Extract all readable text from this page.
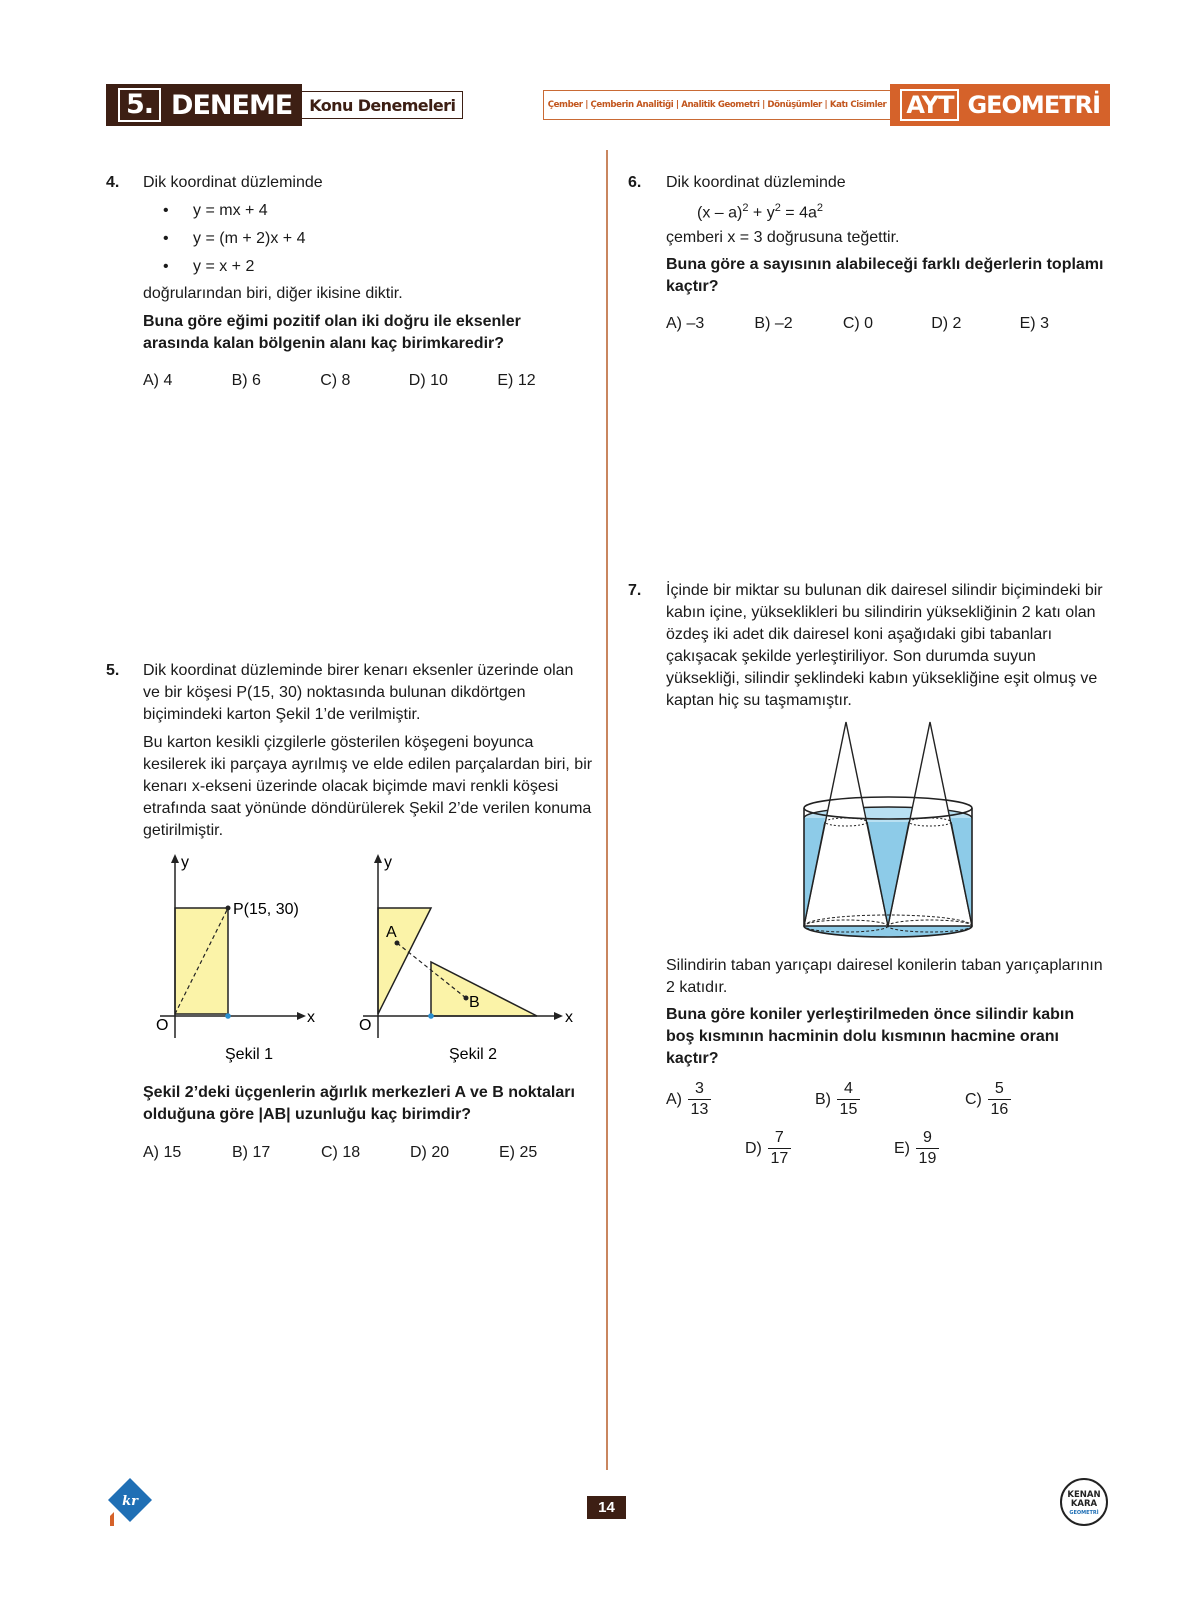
5. DENEME	Konu Denemeleri	Çember | Çemberin Analitiği | Analitik Geometri | Dönüşümler | Katı Cisimler AYT GEOMETRİ
4. Dik koordinat düzleminde

•	y = mx + 4
•	y = (m + 2)x + 4
•	y = x + 2

doğrularından biri, diğer ikisine diktir.

Buna göre eğimi pozitif olan iki doğru ile eksenler arasında kalan bölgenin alanı kaç birimkaredir?

A) 4	B) 6	C) 8	D) 10	E) 12
5. Dik koordinat düzleminde birer kenarı eksenler üzerinde olan ve bir köşesi P(15, 30) noktasında bulunan dikdörtgen biçimindeki karton Şekil 1’de verilmiştir.

Bu karton kesikli çizgilerle gösterilen köşegeni boyunca kesilerek iki parçaya ayrılmış ve elde edilen parçalardan biri, bir kenarı x-ekseni üzerinde olacak biçimde mavi renkli köşesi etrafında saat yönünde döndürülerek Şekil 2’de verilen konuma getirilmiştir.

y
x
O
P(15, 30)
Şekil 1
y
x
O
A
B
Şekil 2

Şekil 2’deki üçgenlerin ağırlık merkezleri A ve B noktaları olduğuna göre |AB| uzunluğu kaç birimdir?

A) 15	B) 17	C) 18	D) 20	E) 25
6. Dik koordinat düzleminde

$(x - a)^2 + y^2 = 4a^2$

çemberi x = 3 doğrusuna teğettir.

Buna göre a sayısının alabileceği farklı değerlerin toplamı kaçtır?

A) –3	B) –2	C) 0	D) 2	E) 3
7. İçinde bir miktar su bulunan dik dairesel silindir biçimindeki bir kabın içine, yükseklikleri bu silindirin yüksekliğinin 2 katı olan özdeş iki adet dik dairesel koni aşağıdaki gibi tabanları çakışacak şekilde yerleştiriliyor. Son durumda suyun yüksekliği, silindir şeklindeki kabın yüksekliğine eşit olmuş ve kaptan hiç su taşmamıştır.

Silindirin taban yarıçapı dairesel konilerin taban yarıçaplarının 2 katıdır.

Buna göre koniler yerleştirilmeden önce silindir kabın boş kısmının hacminin dolu kısmının hacmine oranı kaçtır?

$A) \frac{3}{13}$	$B) \frac{4}{15}$	$C) \frac{5}{16}$
$D) \frac{7}{17}$	$E) \frac{9}{19}$
kr	14
KENAN
KARA
GEOMETRİ
